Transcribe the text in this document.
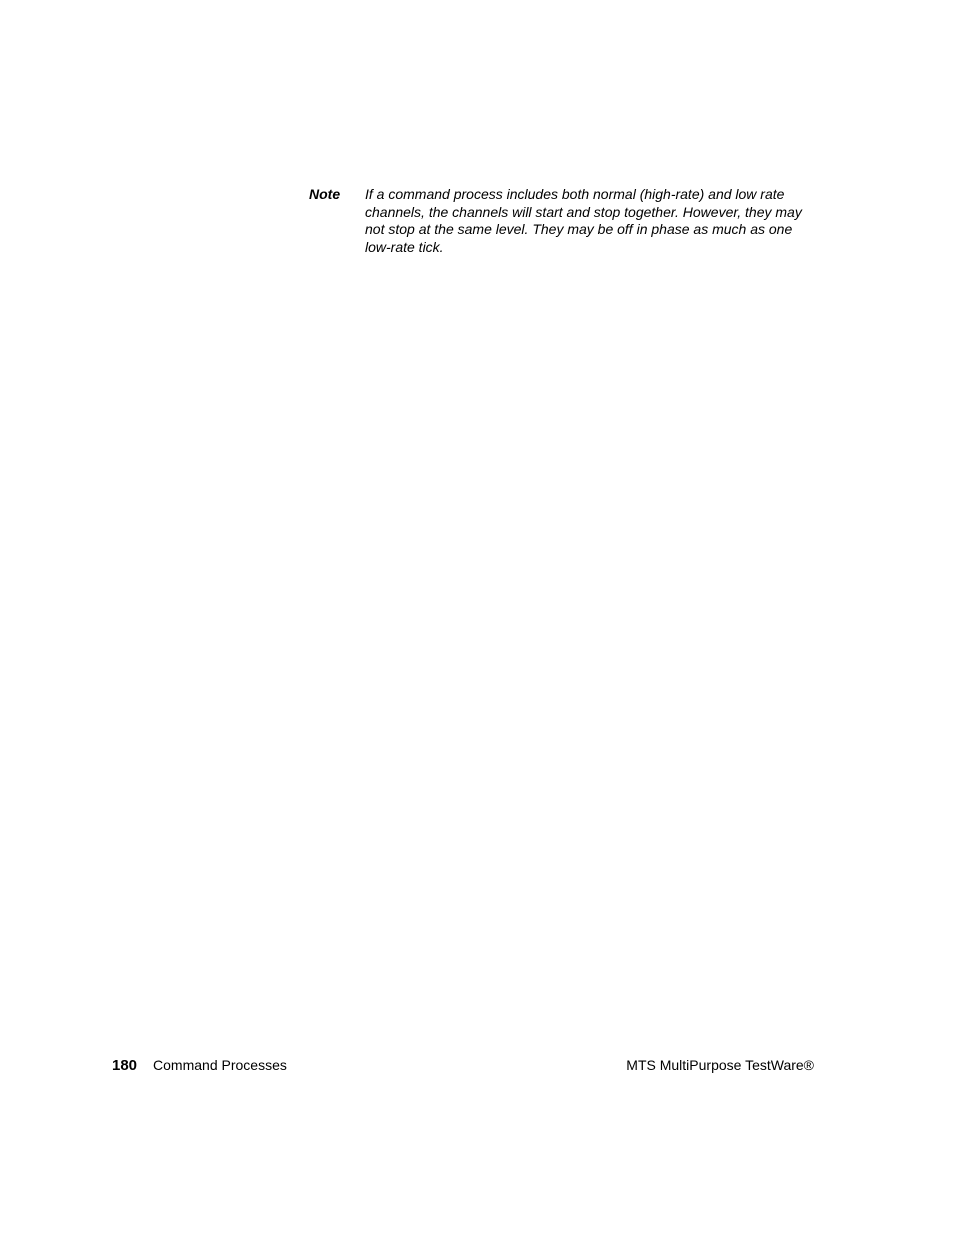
Note	If a command process includes both normal (high-rate) and low rate channels, the channels will start and stop together. However, they may not stop at the same level. They may be off in phase as much as one low-rate tick.
180 Command Processes	MTS MultiPurpose TestWare®
